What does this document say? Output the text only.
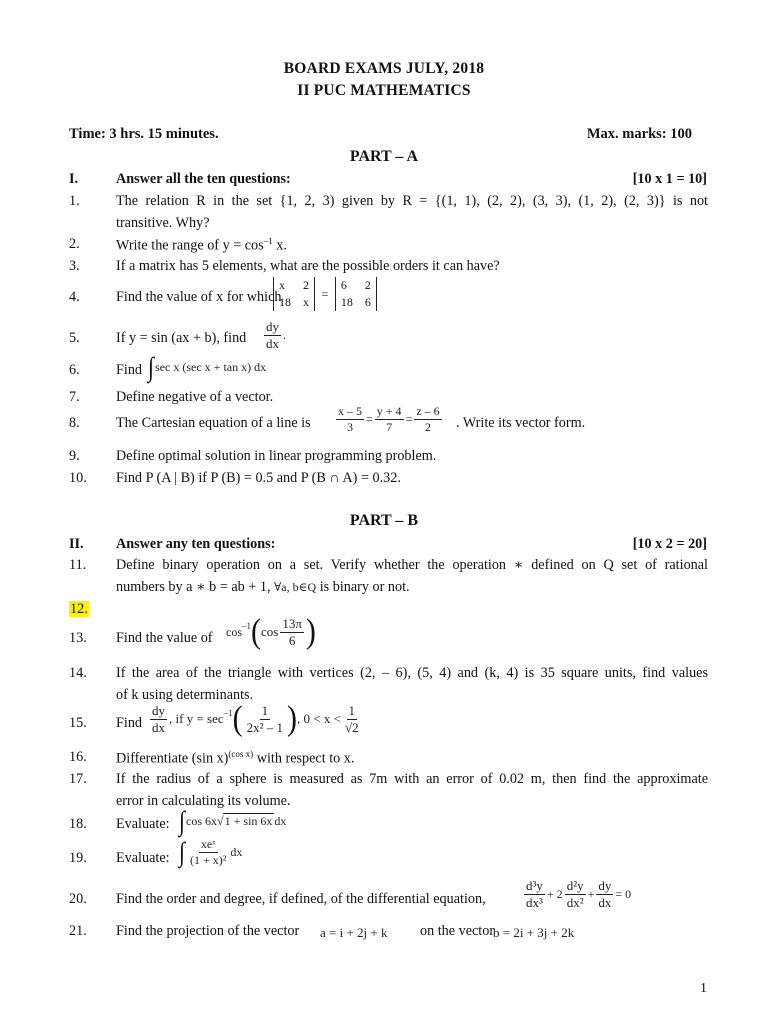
BOARD EXAMS JULY, 2018
II PUC MATHEMATICS
Time: 3 hrs. 15 minutes.	Max. marks: 100
PART – A
I.	Answer all the ten questions:	[10 x 1 = 10]
1.	The relation R in the set {1, 2, 3) given by R = {(1, 1), (2, 2), (3, 3), (1, 2), (2, 3)} is not
transitive. Why?
2.	Write the range of $y = \cos^{-1} x$.
3.	If a matrix has 5 elements, what are the possible orders it can have?
4.	Find the value of x for which
x	2
18 x
=
6	2
18 6
5.	If y = sin (ax + b), find $\frac{dy}{dx}$ .
6.	Find ∫sec x (sec x + tan x) dx
7.	Define negative of a vector.
8.	The Cartesian equation of a line is $\frac{x - 5}{3} = \frac{y + 4}{7} = \frac{z - 6}{2}$ . Write its vector form.
9.	Define optimal solution in linear programming problem.
10. Find P (A | B) if P (B) = 0.5 and P (B ∩ A) = 0.32.
PART – B
II. Answer any ten questions:	[10 x 2 = 20]
11. Define binary operation on a set. Verify whether the operation ∗ defined on Q set of rational
numbers by a ∗ b = ab + 1, ∀a, b∈Q is binary or not.
12.
13. Find the value of $\cos-1(\cos \frac{13\pi}{6}$ )
14. If the area of the triangle with vertices (2, – 6), (5, 4) and (k, 4) is 35 square units, find values
of k using determinants.
15. Find $\frac{dy}{dx}$ , if $y = \sec-1( \frac{1}{\text{2x² – 1}}$ ), $0 < x < \frac{1}{√2}$
16. Differentiate (sin x)$^{(cos x)}$ with respect to x.
17. If the radius of a sphere is measured as 7m with an error of 0.02 m, then find the approximate
error in calculating its volume.
18. Evaluate: ∫cos 6x√1 + sin 6xdx
19. Evaluate: ∫ $\frac{\text{xeˣ}}{\text{(1 + x)²}}$ dx
20. Find the order and degree, if defined, of the differential equation,	$\frac{\text{d³y}}{\text{dx³}} + 2 \frac{\text{d²y}}{\text{dx²}} + \frac{dy}{dx} = 0$
21. Find the projection of the vector a = i + 2j + k on the vector
b = 2i + 3j + 2k
1
